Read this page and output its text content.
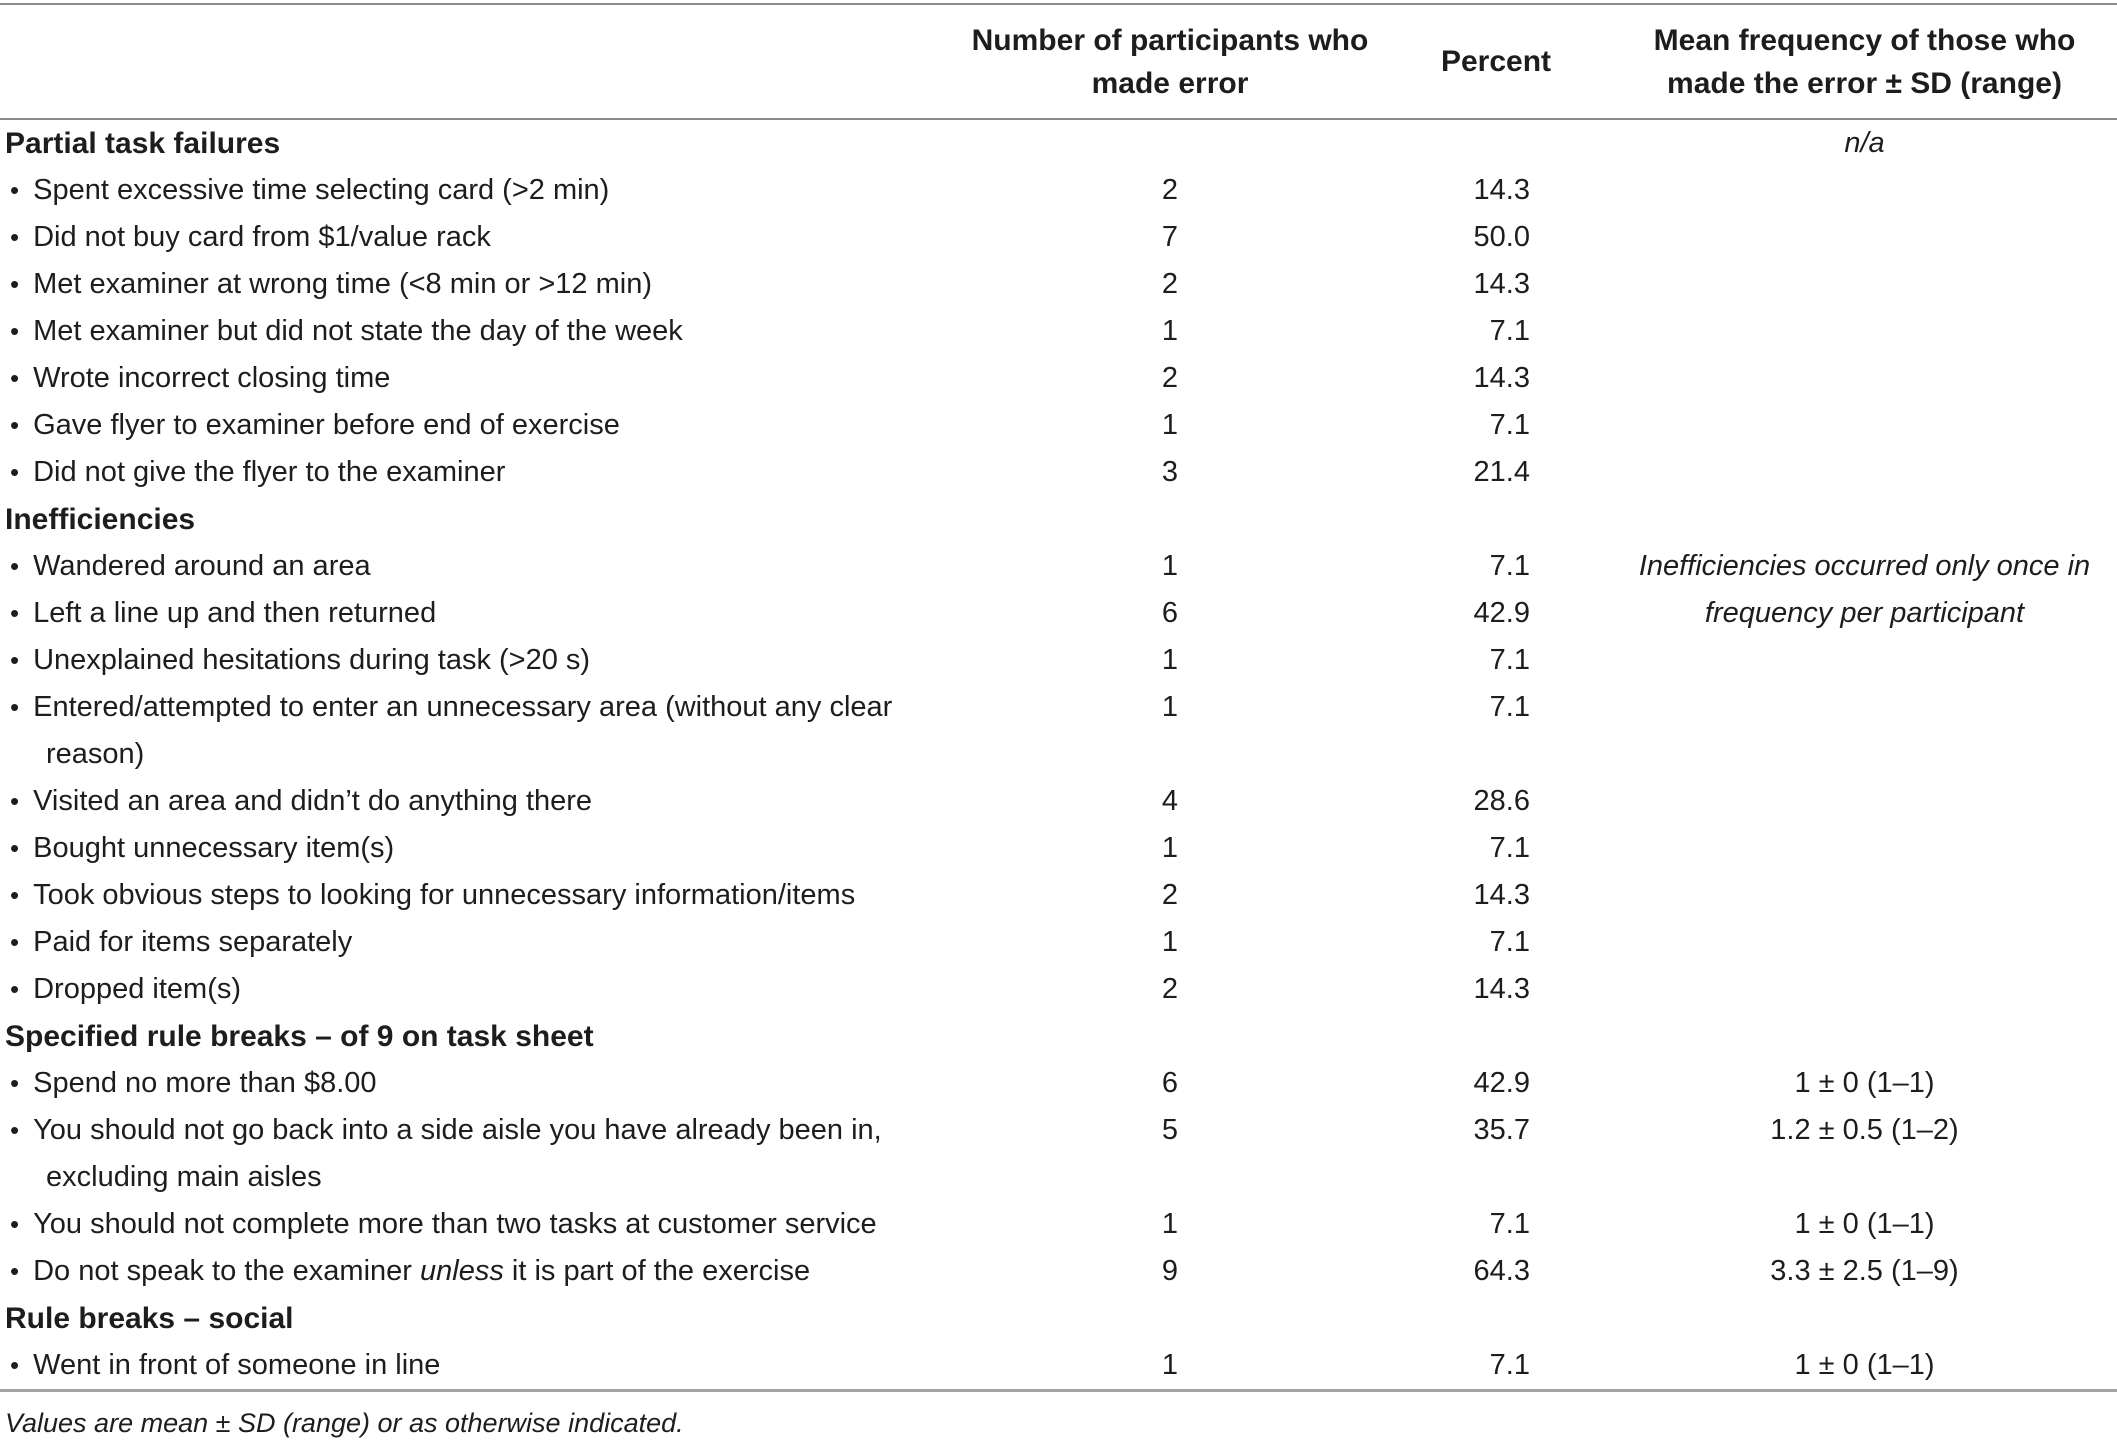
	Number of participants who made error	Percent	Mean frequency of those who made the error ± SD (range)
Partial task failures			n/a
• Spent excessive time selecting card (>2 min)	2	14.3	
• Did not buy card from $1/value rack	7	50.0	
• Met examiner at wrong time (<8 min or >12 min)	2	14.3	
• Met examiner but did not state the day of the week	1	7.1	
• Wrote incorrect closing time	2	14.3	
• Gave flyer to examiner before end of exercise	1	7.1	
• Did not give the flyer to the examiner	3	21.4	
Inefficiencies			
• Wandered around an area	1	7.1	Inefficiencies occurred only once in
• Left a line up and then returned	6	42.9	frequency per participant
• Unexplained hesitations during task (>20 s)	1	7.1	
• Entered/attempted to enter an unnecessary area (without any clear reason)	1	7.1	
• Visited an area and didn’t do anything there	4	28.6	
• Bought unnecessary item(s)	1	7.1	
• Took obvious steps to looking for unnecessary information/items	2	14.3	
• Paid for items separately	1	7.1	
• Dropped item(s)	2	14.3	
Specified rule breaks – of 9 on task sheet			
• Spend no more than $8.00	6	42.9	1 ± 0 (1–1)
• You should not go back into a side aisle you have already been in, excluding main aisles	5	35.7	1.2 ± 0.5 (1–2)
• You should not complete more than two tasks at customer service	1	7.1	1 ± 0 (1–1)
• Do not speak to the examiner unless it is part of the exercise	9	64.3	3.3 ± 2.5 (1–9)
Rule breaks – social			
• Went in front of someone in line	1	7.1	1 ± 0 (1–1)
Values are mean ± SD (range) or as otherwise indicated.
